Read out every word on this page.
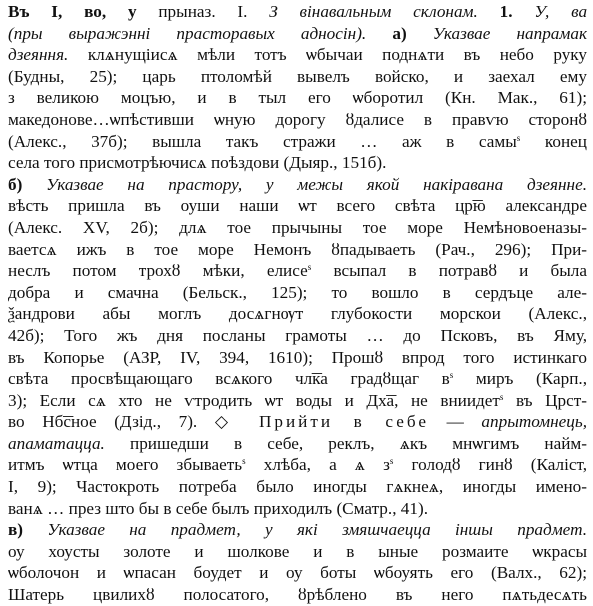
Въ І, во, у прыназ. І. З вінавальным склонам. 1. У, ва
(пры выражэнні прасторавых адносін). а) Указвае напрамак
дзеяння. клѧнущіисѧ мѣли тотъ ѡбычаи поднѧти въ небо руку
(Будны, 25); царь птоломѣй вывелъ войско, и заехал ему
з великою моцъю, и в тыл его ѡборотил (Кн. Мак., 61);
македонове…ѡпѣстивши ѡную дорогу ȣдалисе в правѵю сторонȣ
(Алекс., 37б); вышла такъ стражи … аж в самы$^s$ конец
села того присмотрѣючисѧ поѣздови (Дыяр., 151б).
б) Указвае на прастору, у межы якой накіравана дзеянне.
вѣсть пришла въ оуши наши ѡт всего свѣта цр͞ю александре
(Алекс. XV, 2б); длѧ тое прычыны тое море Немѣновоеназы-
ваетсѧ ижъ в тое море Немонъ ȣпадываеть (Рач., 296); При-
неслъ потом трохȣ мѣки, елисе$^s$ всыпал в потравȣ и была
добра и смачна (Бельск., 125); то вошло в сердъце але-
ѯандрови абы моглъ досѧгнѹт глубокости морскои (Алекс.,
42б); Того жъ дня посланы грамоты … до Псковъ, въ Яму,
въ Копорье (АЗР, IV, 394, 1610); Прошȣ впрод того истинкаго
свѣта просвѣщающаго всѧкого чл͞ка градȣщаг $в^s$ миръ (Карп.,
3); Если сѧ хто не ѵтродить ѡт воды и Дх͞а, не вниидет$^s$ въ Црст-
во Нб͞сное (Дзід., 7). ◇ Прийти в себе — апрытомнець,
апаматацца. пришедши в себе, реклъ, ѧкъ мнѡгимъ найм-
итмъ ѡтца моего збываеть$^s$ хлѣба, а ѧ $з^s$ голодȣ гинȣ (Каліст,
I, 9); Частокроть потреба было иногды гѧкнеѧ, иногды имено-
ванѧ … през што бы в себе былъ приходилъ (Сматр., 41).
в) Указвае на прадмет, у які змяшчаецца іншы прадмет.
оу хоусты золоте и шолкове и в ыные розмаите ѡкрасы
ѡболочон и ѡпасан боудет и оу боты ѡбоуять его (Валх., 62);
Шатерь цвилихȣ полосатого, ȣрѣблено въ него пѧтьдесѧть
